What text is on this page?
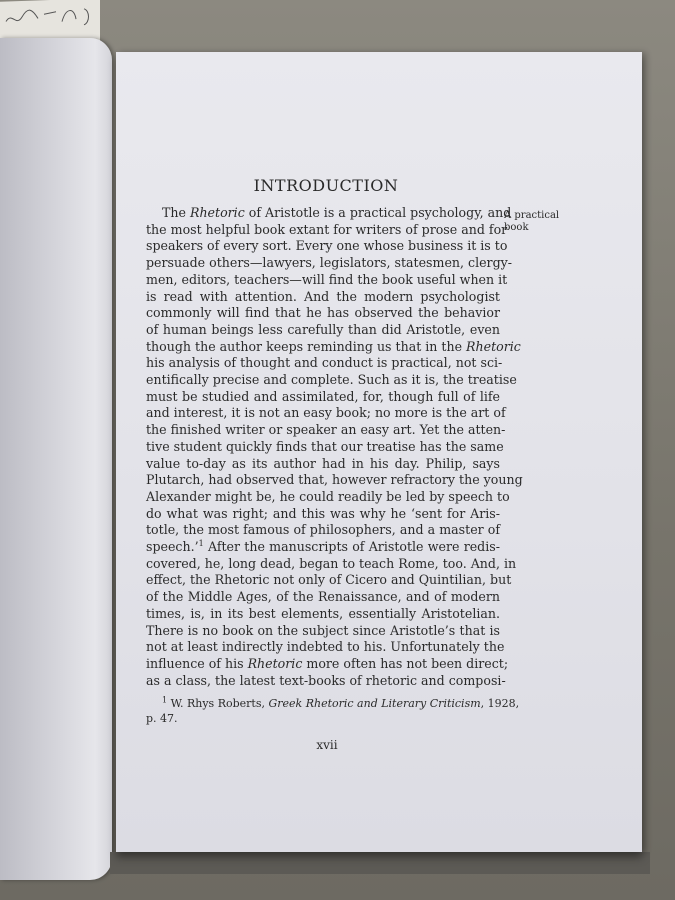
INTRODUCTION
The Rhetoric of Aristotle is a practical psychology, and
the most helpful book extant for writers of prose and for
speakers of every sort. Every one whose business it is to
persuade others—lawyers, legislators, statesmen, clergy-
men, editors, teachers—will find the book useful when it
is read with attention. And the modern psychologist
commonly will find that he has observed the behavior
of human beings less carefully than did Aristotle, even
though the author keeps reminding us that in the Rhetoric
his analysis of thought and conduct is practical, not sci-
entifically precise and complete. Such as it is, the treatise
must be studied and assimilated, for, though full of life
and interest, it is not an easy book; no more is the art of
the finished writer or speaker an easy art. Yet the atten-
tive student quickly finds that our treatise has the same
value to-day as its author had in his day. Philip, says
Plutarch, had observed that, however refractory the young
Alexander might be, he could readily be led by speech to
do what was right; and this was why he ‘sent for Aris-
totle, the most famous of philosophers, and a master of
speech.’$^1$ After the manuscripts of Aristotle were redis-
covered, he, long dead, began to teach Rome, too. And, in
effect, the Rhetoric not only of Cicero and Quintilian, but
of the Middle Ages, of the Renaissance, and of modern
times, is, in its best elements, essentially Aristotelian.
There is no book on the subject since Aristotle’s that is
not at least indirectly indebted to his. Unfortunately the
influence of his Rhetoric more often has not been direct;
as a class, the latest text-books of rhetoric and composi-
A practical
book
$^1$ W. Rhys Roberts, Greek Rhetoric and Literary Criticism, 1928,
p. 47.
xvii
